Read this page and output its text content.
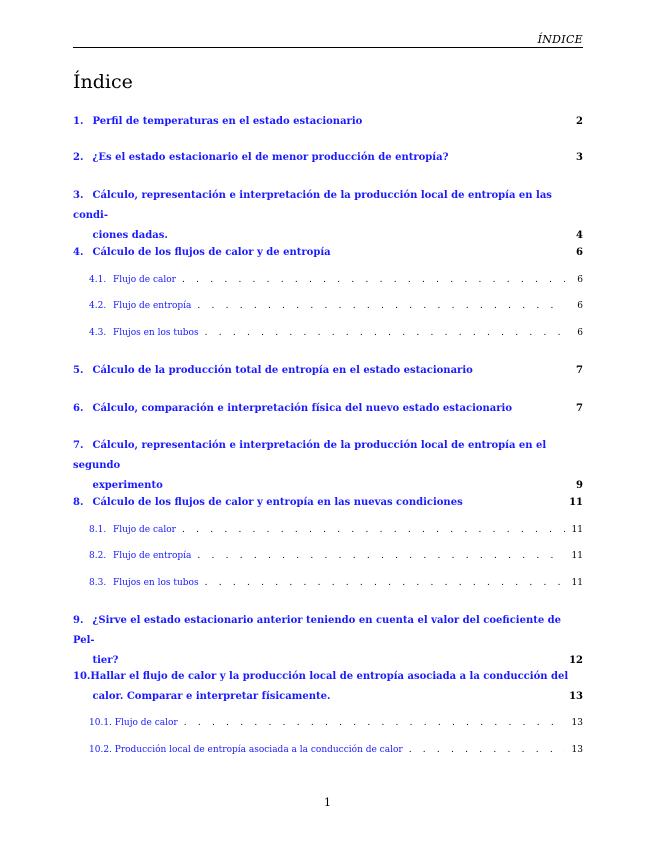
ÍNDICE
Índice
1. Perfil de temperaturas en el estado estacionario	2
2. ¿Es el estado estacionario el de menor producción de entropía?	3
3. Cálculo, representación e interpretación de la producción local de entropía en las condi-
ciones dadas.	4
4. Cálculo de los flujos de calor y de entropía	6
4.1. Flujo de calor . . .	6
4.2. Flujo de entropía . . .	6
4.3. Flujos en los tubos . . .	6
5. Cálculo de la producción total de entropía en el estado estacionario	7
6. Cálculo, comparación e interpretación física del nuevo estado estacionario	7
7. Cálculo, representación e interpretación de la producción local de entropía en el segundo
experimento	9
8. Cálculo de los flujos de calor y entropía en las nuevas condiciones	11
8.1. Flujo de calor . . .	11
8.2. Flujo de entropía . . .	11
8.3. Flujos en los tubos . . .	11
9. ¿Sirve el estado estacionario anterior teniendo en cuenta el valor del coeficiente de Pel-
tier?	12
10.Hallar el flujo de calor y la producción local de entropía asociada a la conducción del
calor. Comparar e interpretar físicamente.	13
10.1. Flujo de calor . . .	13
10.2. Producción local de entropía asociada a la conducción de calor . . .	13
1
